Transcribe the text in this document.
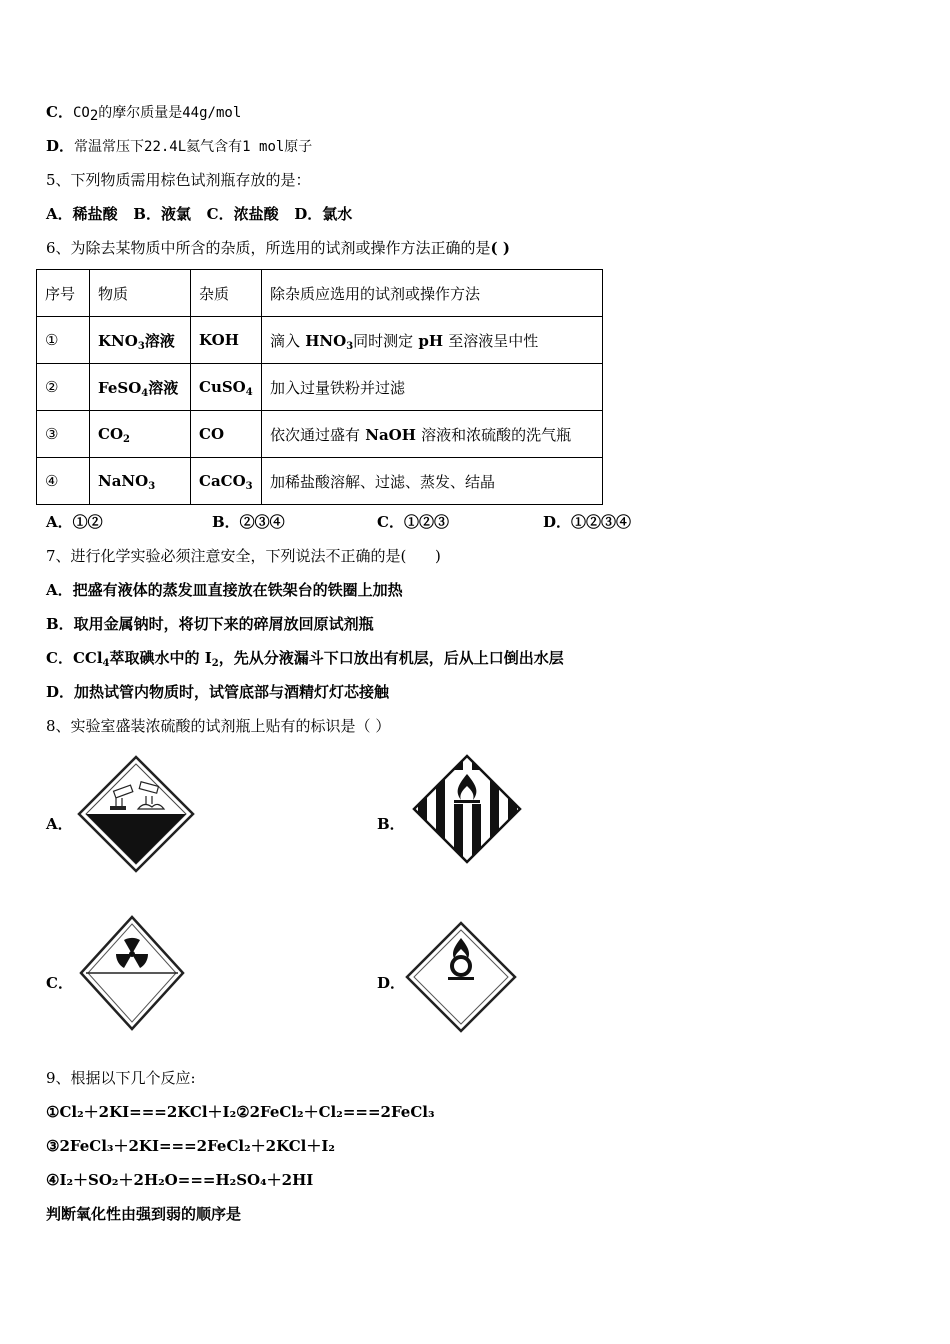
C．$CO_2$的摩尔质量是44g/mol
D．常温常压下22.4L氦气含有1 mol原子
5、下列物质需用棕色试剂瓶存放的是：
A．稀盐酸   B．液氯   C．浓盐酸   D．氯水
6、为除去某物质中所含的杂质，所选用的试剂或操作方法正确的是( )
序号	物质	杂质	除杂质应选用的试剂或操作方法
①	$KNO_3$溶液	KOH	滴入 $HNO_3$同时测定 pH 至溶液呈中性
②	FeSO$_4$溶液	CuSO$_4$	加入过量铁粉并过滤
③	$CO_2$	CO	依次通过盛有 NaOH 溶液和浓硫酸的洗气瓶
④	NaNO$_3$	CaCO$_3$	加稀盐酸溶解、过滤、蒸发、结晶
A．①②	B．②③④	C．①②③	D．①②③④
7、进行化学实验必须注意安全，下列说法不正确的是(      )
A．把盛有液体的蒸发皿直接放在铁架台的铁圈上加热
B．取用金属钠时，将切下来的碎屑放回原试剂瓶
C．CCl$_4$萃取碘水中的 $I_2$，先从分液漏斗下口放出有机层，后从上口倒出水层
D．加热试管内物质时，试管底部与酒精灯灯芯接触
8、实验室盛装浓硫酸的试剂瓶上贴有的标识是（ ）
A．	B．
C．	D．
9、根据以下几个反应:
①Cl₂＋2KI===2KCl＋I₂②2FeCl₂＋Cl₂===2FeCl₃
③2FeCl₃＋2KI===2FeCl₂＋2KCl＋I₂
④I₂＋SO₂＋2H₂O===H₂SO₄＋2HI
判断氧化性由强到弱的顺序是
